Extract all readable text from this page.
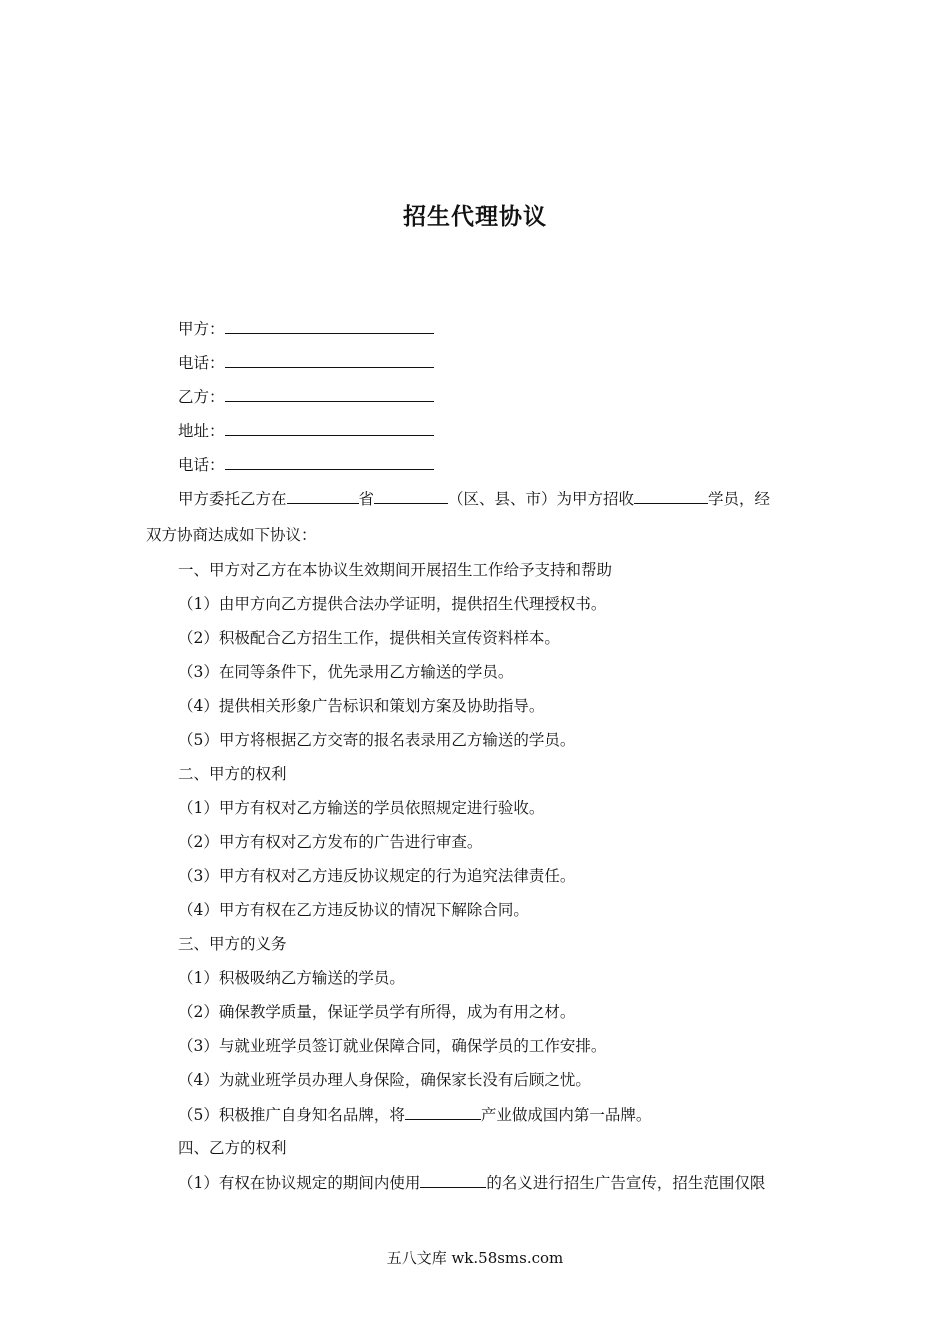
招生代理协议
甲方：
电话：
乙方：
地址：
电话：
甲方委托乙方在	省	（区、县、市）为甲方招收	学员，经
双方协商达成如下协议：
一、甲方对乙方在本协议生效期间开展招生工作给予支持和帮助
（1）由甲方向乙方提供合法办学证明，提供招生代理授权书。
（2）积极配合乙方招生工作，提供相关宣传资料样本。
（3）在同等条件下，优先录用乙方输送的学员。
（4）提供相关形象广告标识和策划方案及协助指导。
（5）甲方将根据乙方交寄的报名表录用乙方输送的学员。
二、甲方的权利
（1）甲方有权对乙方输送的学员依照规定进行验收。
（2）甲方有权对乙方发布的广告进行审查。
（3）甲方有权对乙方违反协议规定的行为追究法律责任。
（4）甲方有权在乙方违反协议的情况下解除合同。
三、甲方的义务
（1）积极吸纳乙方输送的学员。
（2）确保教学质量，保证学员学有所得，成为有用之材。
（3）与就业班学员签订就业保障合同，确保学员的工作安排。
（4）为就业班学员办理人身保险，确保家长没有后顾之忧。
（5）积极推广自身知名品牌，将	产业做成国内第一品牌。
四、乙方的权利
（1）有权在协议规定的期间内使用	的名义进行招生广告宣传，招生范围仅限
五八文库 wk.58sms.com
